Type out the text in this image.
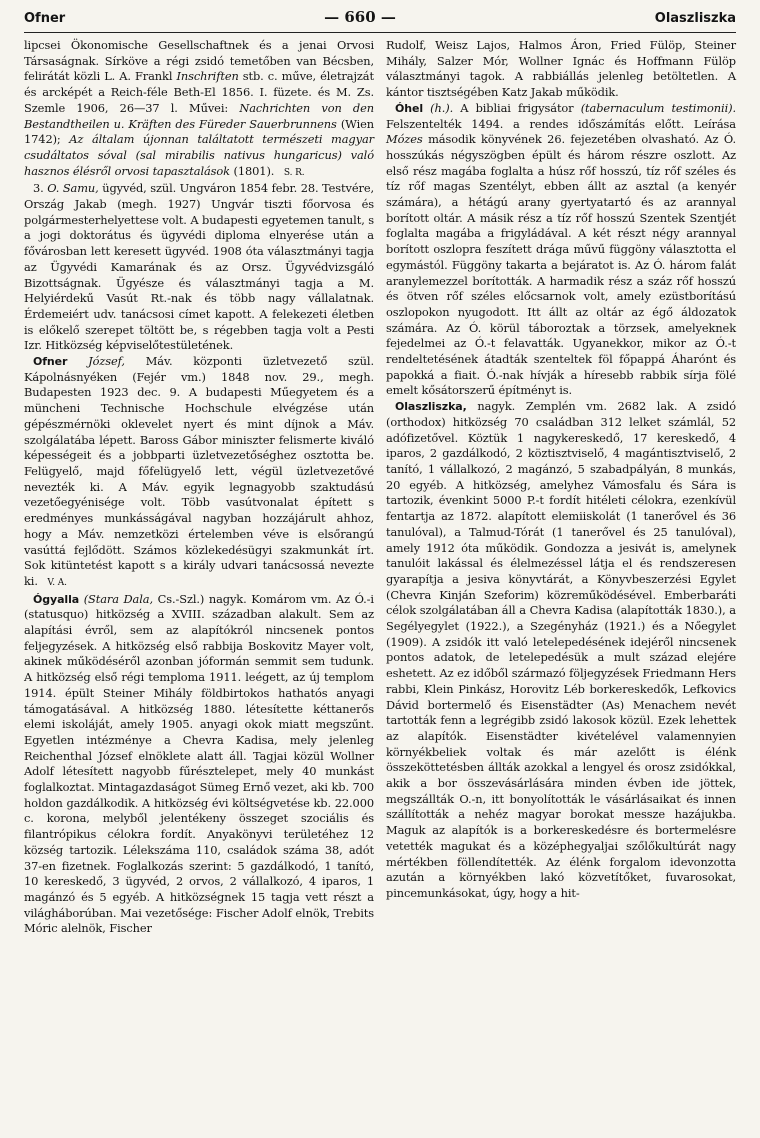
Ofner	— 660 —	Olaszliszka

lipcsei Ökonomische Gesellschaftnek és a jenai Orvosi Társaságnak. Sírköve a régi zsidó temetőben van Bécsben, felirátát közli L. A. Frankl Inschriften stb. c. műve, életrajzát és arcképét a Reich-féle Beth-El 1856. I. füzete. és M. Zs. Szemle 1906, 26—37 l. Művei: Nachrichten von den Bestandtheilen u. Kräften des Füreder Sauerbrunnens (Wien 1742); Az általam újonnan találtatott természeti magyar csudáltatos sóval (sal mirabilis nativus hungaricus) való hasznos élésről orvosi tapasztalások (1801). S. R.

3. O. Samu, ügyvéd, szül. Ungváron 1854 febr. 28. Testvére, Ország Jakab (megh. 1927) Ungvár tiszti főorvosa és polgármesterhelyettese volt. A budapesti egyetemen tanult, s a jogi doktorátus és ügyvédi diploma elnyerése után a fővárosban lett keresett ügyvéd. 1908 óta választmányi tagja az Ügyvédi Kamarának és az Orsz. Ügyvédvizsgáló Bizottságnak. Ügyésze és választmányi tagja a M. Helyiérdekű Vasút Rt.-nak és több nagy vállalatnak. Érdemeiért udv. tanácsosi címet kapott. A felekezeti életben is előkelő szerepet töltött be, s régebben tagja volt a Pesti Izr. Hitközség képviselőtestületének.

Ofner József, Máv. központi üzletvezető szül. Kápolnásnyéken (Fejér vm.) 1848 nov. 29., megh. Budapesten 1923 dec. 9. A budapesti Műegyetem és a müncheni Technische Hochschule elvégzése után gépészmérnöki oklevelet nyert és mint díjnok a Máv. szolgálatába lépett. Baross Gábor miniszter felismerte kiváló képességeit és a jobbparti üzletvezetőséghez osztotta be. Felügyelő, majd főfelügyelő lett, végül üzletvezetővé nevezték ki. A Máv. egyik legnagyobb szaktudású vezetőegyénisége volt. Több vasútvonalat épített s eredményes munkásságával nagyban hozzájárult ahhoz, hogy a Máv. nemzetközi értelemben véve is elsőrangú vasúttá fejlődött. Számos közlekedésügyi szakmunkát írt. Sok kitüntetést kapott s a király udvari tanácsossá nevezte ki. V. A.

Ógyalla (Stara Dala, Cs.-Szl.) nagyk. Komárom vm. Az Ó.-i (statusquo) hitközség a XVIII. században alakult. Sem az alapítási évről, sem az alapítókról nincsenek pontos feljegyzések. A hitközség első rabbija Boskovitz Mayer volt, akinek működéséről azonban jóformán semmit sem tudunk. A hitközség első régi temploma 1911. leégett, az új templom 1914. épült Steiner Mihály földbirtokos hathatós anyagi támogatásával. A hitközség 1880. létesítette kéttanerős elemi iskoláját, amely 1905. anyagi okok miatt megszűnt. Egyetlen intézménye a Chevra Kadisa, mely jelenleg Reichenthal József elnöklete alatt áll. Tagjai közül Wollner Adolf létesített nagyobb fűrésztelepet, mely 40 munkást foglalkoztat. Mintagazdaságot Sümeg Ernő vezet, aki kb. 700 holdon gazdálkodik. A hitközség évi költségvetése kb. 22.000 c. korona, melyből jelentékeny összeget szociális és filantrópikus célokra fordít. Anyakönyvi területéhez 12 község tartozik. Lélekszáma 110, családok száma 38, adót 37-en fizetnek. Foglalkozás szerint: 5 gazdálkodó, 1 tanító, 10 kereskedő, 3 ügyvéd, 2 orvos, 2 vállalkozó, 4 iparos, 1 magánzó és 5 egyéb. A hitközségnek 15 tagja vett részt a világháborúban. Mai vezetősége: Fischer Adolf elnök, Trebits Móric alelnök, Fischer

Rudolf, Weisz Lajos, Halmos Áron, Fried Fülöp, Steiner Mihály, Salzer Mór, Wollner Ignác és Hoffmann Fülöp választmányi tagok. A rabbiállás jelenleg betöltetlen. A kántor tisztségében Katz Jakab működik.

Óhel (h.). A bibliai frigysátor (tabernaculum testimonii). Felszentelték 1494. a rendes időszámítás előtt. Leírása Mózes második könyvének 26. fejezetében olvasható. Az Ó. hosszúkás négyszögben épült és három részre oszlott. Az első rész magába foglalta a húsz rőf hosszú, tíz rőf széles és tíz rőf magas Szentélyt, ebben állt az asztal (a kenyér számára), a hétágú arany gyertyatartó és az arannyal borított oltár. A másik rész a tíz rőf hosszú Szentek Szentjét foglalta magába a frigyládával. A két részt négy arannyal borított oszlopra feszített drága művű függöny választotta el egymástól. Függöny takarta a bejáratot is. Az Ó. három falát aranylemezzel borították. A harmadik rész a száz rőf hosszú és ötven rőf széles előcsarnok volt, amely ezüstborítású oszlopokon nyugodott. Itt állt az oltár az égő áldozatok számára. Az Ó. körül táboroztak a törzsek, amelyeknek fejedelmei az Ó.-t felavatták. Ugyanekkor, mikor az Ó.-t rendeltetésének átadták szenteltek föl főpappá Áharónt és papokká a fiait. Ó.-nak hívják a híresebb rabbik sírja fölé emelt kősátorszerű építményt is.

Olaszliszka, nagyk. Zemplén vm. 2682 lak. A zsidó (orthodox) hitközség 70 családban 312 lelket számlál, 52 adófizetővel. Köztük 1 nagykereskedő, 17 kereskedő, 4 iparos, 2 gazdálkodó, 2 köztisztviselő, 4 magántisztviselő, 2 tanító, 1 vállalkozó, 2 magánzó, 5 szabadpályán, 8 munkás, 20 egyéb. A hitközség, amelyhez Vámosfalu és Sára is tartozik, évenkint 5000 P.-t fordít hitéleti célokra, ezenkívül fentartja az 1872. alapított elemiiskolát (1 tanerővel és 36 tanulóval), a Talmud-Tórát (1 tanerővel és 25 tanulóval), amely 1912 óta működik. Gondozza a jesivát is, amelynek tanulóit lakással és élelmezéssel látja el és rendszeresen gyarapítja a jesiva könyvtárát, a Könyvbeszerzési Egylet (Chevra Kinján Szeforim) közreműködésével. Emberbaráti célok szolgálatában áll a Chevra Kadisa (alapították 1830.), a Segélyegylet (1922.), a Szegényház (1921.) és a Nőegylet (1909). A zsidók itt való letelepedésének idejéről nincsenek pontos adatok, de letelepedésük a mult század elejére eshetett. Az ez időből származó följegyzések Friedmann Hers rabbi, Klein Pinkász, Horovitz Léb borkereskedők, Lefkovics Dávid bortermelő és Eisenstädter (As) Menachem nevét tartották fenn a legrégibb zsidó lakosok közül. Ezek lehettek az alapítók. Eisenstädter kivételével valamennyien környékbeliek voltak és már azelőtt is élénk összeköttetésben állták azokkal a lengyel és orosz zsidókkal, akik a bor összevásárlására minden évben ide jöttek, megszállták O.-n, itt bonyolították le vásárlásaikat és innen szállították a nehéz magyar borokat messze hazájukba. Maguk az alapítók is a borkereskedésre és bortermelésre vetették magukat és a középhegyaljai szőlőkultúrát nagy mértékben föllendítették. Az élénk forgalom idevonzotta azután a környékben lakó közvetítőket, fuvarosokat, pincemunkásokat, úgy, hogy a hit-
